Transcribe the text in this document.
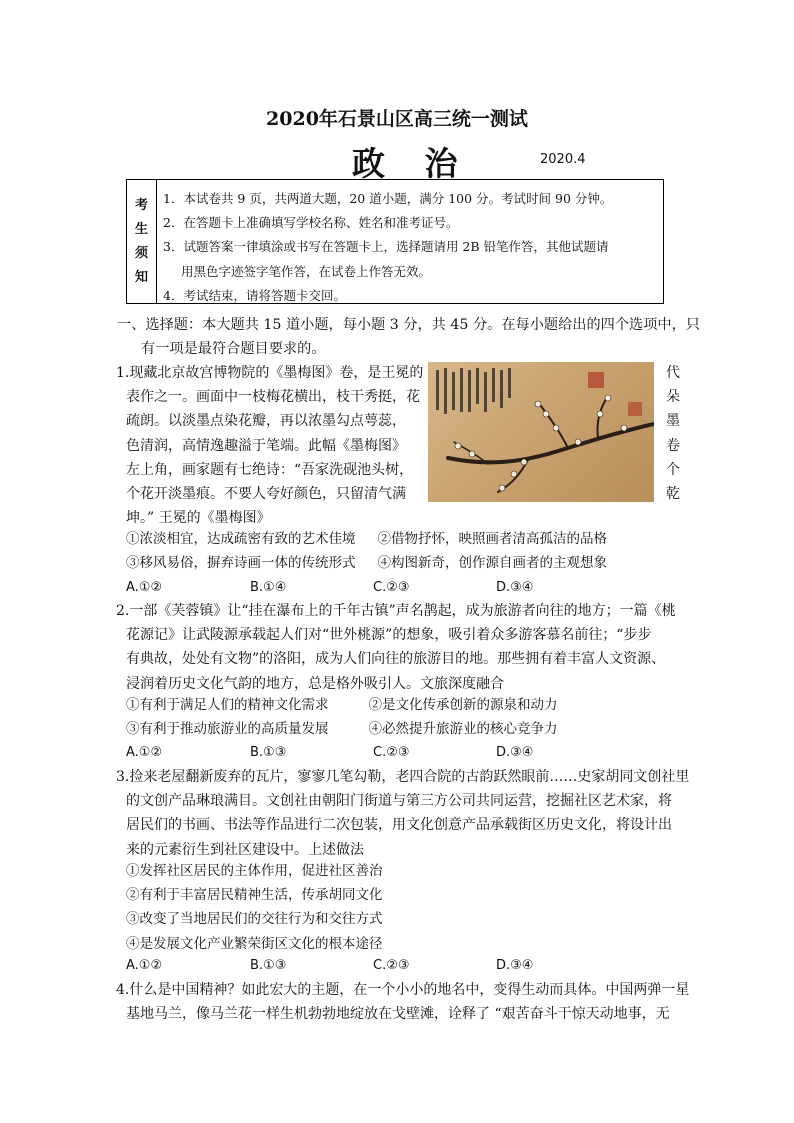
2020年石景山区高三统一测试
政 治	2020.4
考
生
须
知
1．本试卷共 9 页，共两道大题，20 道小题，满分 100 分。考试时间 90 分钟。
2．在答题卡上准确填写学校名称、姓名和准考证号。
3．试题答案一律填涂或书写在答题卡上，选择题请用 2B 铅笔作答，其他试题请
用黑色字迹签字笔作答，在试卷上作答无效。
4．考试结束，请将答题卡交回。
一、选择题：本大题共 15 道小题，每小题 3 分，共 45 分。在每小题给出的四个选项中，只
有一项是最符合题目要求的。
1.现藏北京故宫博物院的《墨梅图》卷，是王冕的
表作之一。画面中一枝梅花横出，枝干秀挺，花
疏朗。以淡墨点染花瓣，再以浓墨勾点萼蕊，
色清润，高情逸趣溢于笔端。此幅《墨梅图》
左上角，画家题有七绝诗：“吾家洗砚池头树，
个花开淡墨痕。不要人夸好颜色，只留清气满
坤。” 王冕的《墨梅图》
代
朵
墨
卷
个
乾
①浓淡相宜，达成疏密有致的艺术佳境 ②借物抒怀，映照画者清高孤洁的品格
③移风易俗，摒弃诗画一体的传统形式 ④构图新奇，创作源自画者的主观想象
A.①②	B.①④	C.②③	D.③④
2.一部《芙蓉镇》让“挂在瀑布上的千年古镇”声名鹊起，成为旅游者向往的地方；一篇《桃
花源记》让武陵源承载起人们对“世外桃源”的想象，吸引着众多游客慕名前往；“步步
有典故，处处有文物”的洛阳，成为人们向往的旅游目的地。那些拥有着丰富人文资源、
浸润着历史文化气韵的地方，总是格外吸引人。文旅深度融合
①有利于满足人们的精神文化需求	②是文化传承创新的源泉和动力
③有利于推动旅游业的高质量发展	④必然提升旅游业的核心竞争力
A.①②	B.①③	C.②③	D.③④
3.捡来老屋翻新废弃的瓦片，寥寥几笔勾勒，老四合院的古韵跃然眼前……史家胡同文创社里
的文创产品琳琅满目。文创社由朝阳门街道与第三方公司共同运营，挖掘社区艺术家，将
居民们的书画、书法等作品进行二次包装，用文化创意产品承载街区历史文化，将设计出
来的元素衍生到社区建设中。上述做法
①发挥社区居民的主体作用，促进社区善治
②有利于丰富居民精神生活，传承胡同文化
③改变了当地居民们的交往行为和交往方式
④是发展文化产业繁荣街区文化的根本途径
A.①②	B.①③	C.②③	D.③④
4.什么是中国精神？如此宏大的主题，在一个小小的地名中，变得生动而具体。中国两弹一星
基地马兰，像马兰花一样生机勃勃地绽放在戈壁滩，诠释了 “艰苦奋斗干惊天动地事，无
